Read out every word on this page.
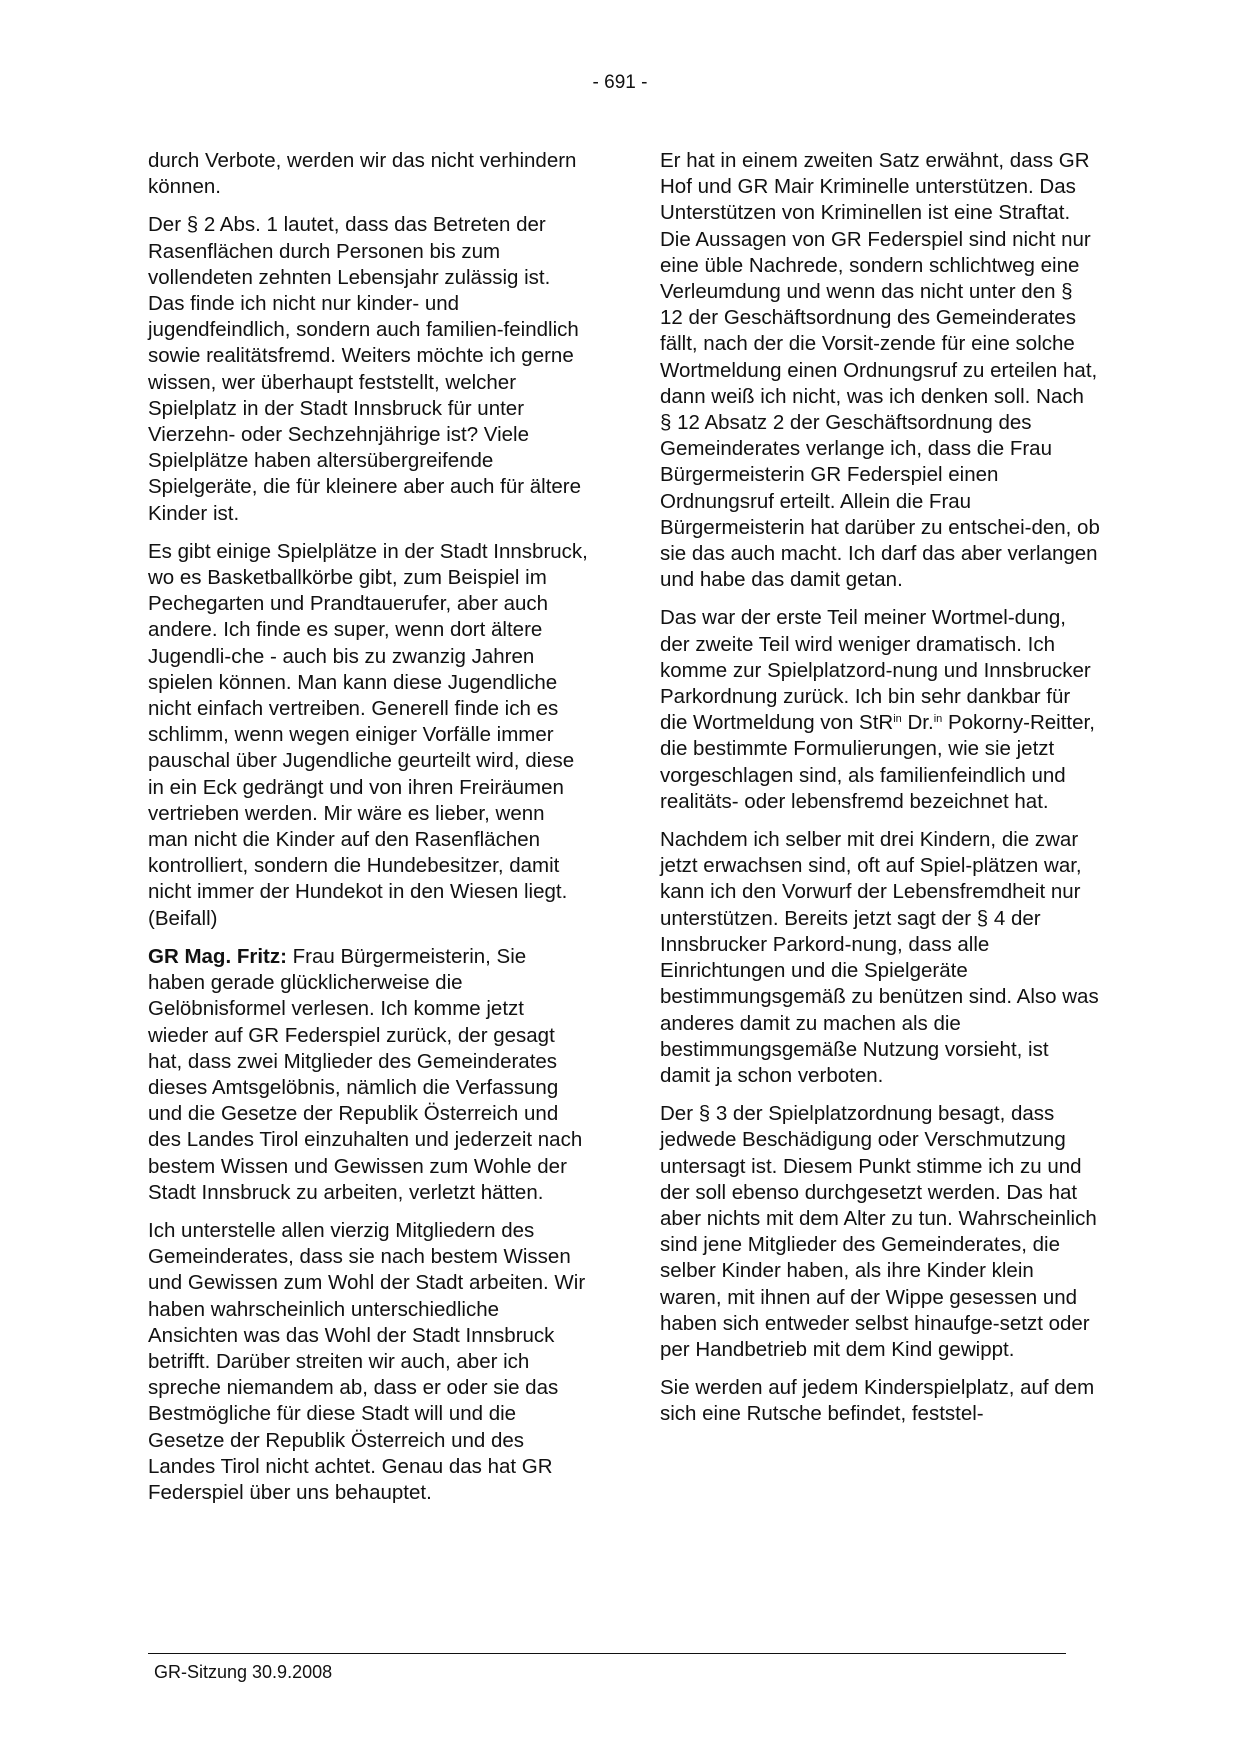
- 691 -

durch Verbote, werden wir das nicht verhindern können.

Der § 2 Abs. 1 lautet, dass das Betreten der Rasenflächen durch Personen bis zum vollendeten zehnten Lebensjahr zulässig ist. Das finde ich nicht nur kinder- und jugendfeindlich, sondern auch familien-feindlich sowie realitätsfremd. Weiters möchte ich gerne wissen, wer überhaupt feststellt, welcher Spielplatz in der Stadt Innsbruck für unter Vierzehn- oder Sechzehnjährige ist? Viele Spielplätze haben altersübergreifende Spielgeräte, die für kleinere aber auch für ältere Kinder ist.

Es gibt einige Spielplätze in der Stadt Innsbruck, wo es Basketballkörbe gibt, zum Beispiel im Pechegarten und Prandtauerufer, aber auch andere. Ich finde es super, wenn dort ältere Jugendli-che - auch bis zu zwanzig Jahren spielen können. Man kann diese Jugendliche nicht einfach vertreiben. Generell finde ich es schlimm, wenn wegen einiger Vorfälle immer pauschal über Jugendliche geurteilt wird, diese in ein Eck gedrängt und von ihren Freiräumen vertrieben werden. Mir wäre es lieber, wenn man nicht die Kinder auf den Rasenflächen kontrolliert, sondern die Hundebesitzer, damit nicht immer der Hundekot in den Wiesen liegt. (Beifall)

GR Mag. Fritz: Frau Bürgermeisterin, Sie haben gerade glücklicherweise die Gelöbnisformel verlesen. Ich komme jetzt wieder auf GR Federspiel zurück, der gesagt hat, dass zwei Mitglieder des Gemeinderates dieses Amtsgelöbnis, nämlich die Verfassung und die Gesetze der Republik Österreich und des Landes Tirol einzuhalten und jederzeit nach bestem Wissen und Gewissen zum Wohle der Stadt Innsbruck zu arbeiten, verletzt hätten.

Ich unterstelle allen vierzig Mitgliedern des Gemeinderates, dass sie nach bestem Wissen und Gewissen zum Wohl der Stadt arbeiten. Wir haben wahrscheinlich unterschiedliche Ansichten was das Wohl der Stadt Innsbruck betrifft. Darüber streiten wir auch, aber ich spreche niemandem ab, dass er oder sie das Bestmögliche für diese Stadt will und die Gesetze der Republik Österreich und des Landes Tirol nicht achtet. Genau das hat GR Federspiel über uns behauptet.

Er hat in einem zweiten Satz erwähnt, dass GR Hof und GR Mair Kriminelle unterstützen. Das Unterstützen von Kriminellen ist eine Straftat. Die Aussagen von GR Federspiel sind nicht nur eine üble Nachrede, sondern schlichtweg eine Verleumdung und wenn das nicht unter den § 12 der Geschäftsordnung des Gemeinderates fällt, nach der die Vorsit-zende für eine solche Wortmeldung einen Ordnungsruf zu erteilen hat, dann weiß ich nicht, was ich denken soll. Nach § 12 Absatz 2 der Geschäftsordnung des Gemeinderates verlange ich, dass die Frau Bürgermeisterin GR Federspiel einen Ordnungsruf erteilt. Allein die Frau Bürgermeisterin hat darüber zu entschei-den, ob sie das auch macht. Ich darf das aber verlangen und habe das damit getan.

Das war der erste Teil meiner Wortmel-dung, der zweite Teil wird weniger dramatisch. Ich komme zur Spielplatzord-nung und Innsbrucker Parkordnung zurück. Ich bin sehr dankbar für die Wortmeldung von StR$^{in}$ Dr.$^{in}$ Pokorny-Reitter, die bestimmte Formulierungen, wie sie jetzt vorgeschlagen sind, als familienfeindlich und realitäts- oder lebensfremd bezeichnet hat.

Nachdem ich selber mit drei Kindern, die zwar jetzt erwachsen sind, oft auf Spiel-plätzen war, kann ich den Vorwurf der Lebensfremdheit nur unterstützen. Bereits jetzt sagt der § 4 der Innsbrucker Parkord-nung, dass alle Einrichtungen und die Spielgeräte bestimmungsgemäß zu benützen sind. Also was anderes damit zu machen als die bestimmungsgemäße Nutzung vorsieht, ist damit ja schon verboten.

Der § 3 der Spielplatzordnung besagt, dass jedwede Beschädigung oder Verschmutzung untersagt ist. Diesem Punkt stimme ich zu und der soll ebenso durchgesetzt werden. Das hat aber nichts mit dem Alter zu tun. Wahrscheinlich sind jene Mitglieder des Gemeinderates, die selber Kinder haben, als ihre Kinder klein waren, mit ihnen auf der Wippe gesessen und haben sich entweder selbst hinaufge-setzt oder per Handbetrieb mit dem Kind gewippt.

Sie werden auf jedem Kinderspielplatz, auf dem sich eine Rutsche befindet, feststel-

GR-Sitzung 30.9.2008
